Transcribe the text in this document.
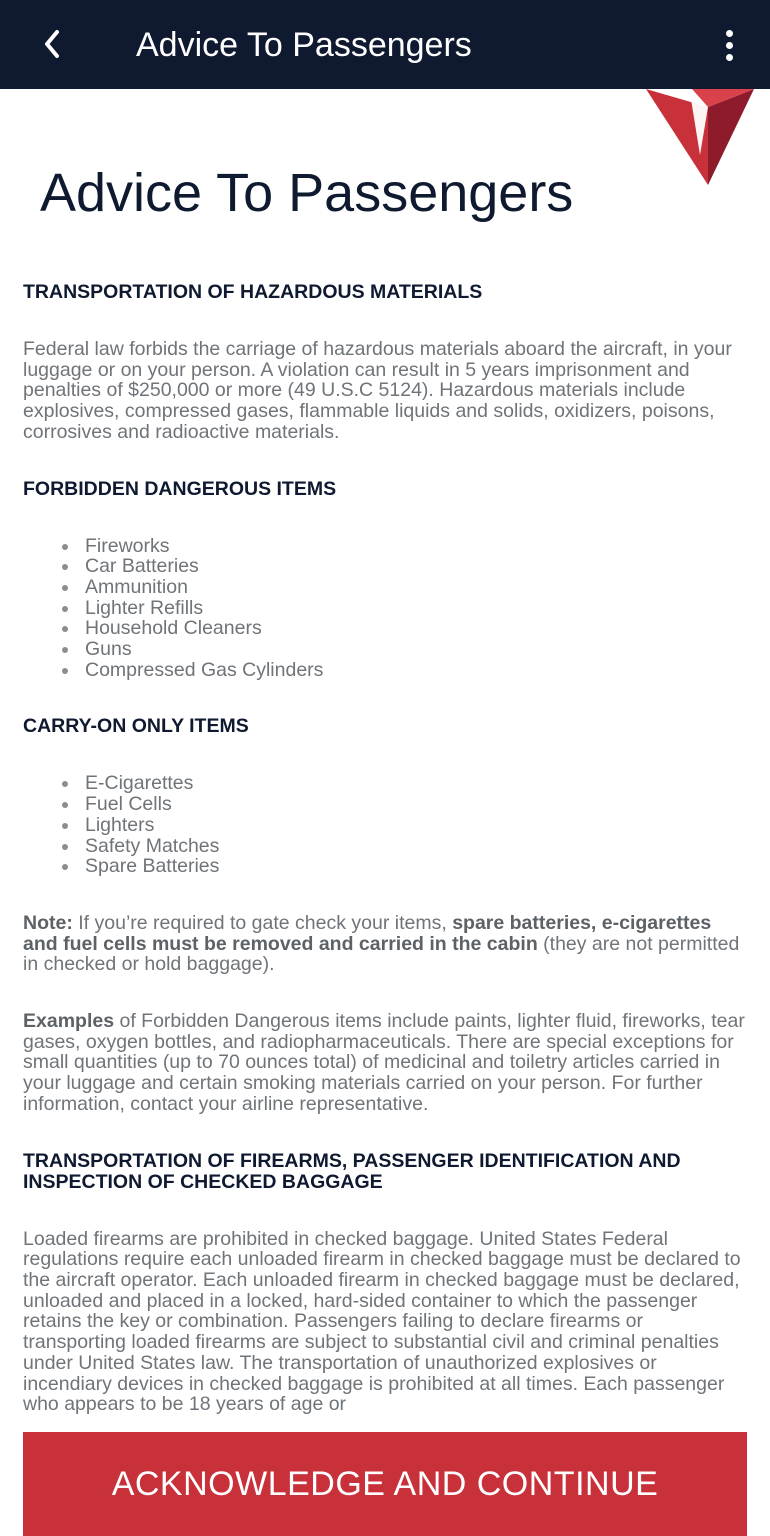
Advice To Passengers
Advice To Passengers
TRANSPORTATION OF HAZARDOUS MATERIALS

Federal law forbids the carriage of hazardous materials aboard the aircraft, in your luggage or on your person. A violation can result in 5 years imprisonment and penalties of $250,000 or more (49 U.S.C 5124). Hazardous materials include explosives, compressed gases, flammable liquids and solids, oxidizers, poisons, corrosives and radioactive materials.

FORBIDDEN DANGEROUS ITEMS
Fireworks
Car Batteries
Ammunition
Lighter Refills
Household Cleaners
Guns
Compressed Gas Cylinders
CARRY-ON ONLY ITEMS
E-Cigarettes
Fuel Cells
Lighters
Safety Matches
Spare Batteries

Note: If you’re required to gate check your items, spare batteries, e-cigarettes and fuel cells must be removed and carried in the cabin (they are not permitted in checked or hold baggage).

Examples of Forbidden Dangerous items include paints, lighter fluid, fireworks, tear gases, oxygen bottles, and radiopharmaceuticals. There are special exceptions for small quantities (up to 70 ounces total) of medicinal and toiletry articles carried in your luggage and certain smoking materials carried on your person. For further information, contact your airline representative.

TRANSPORTATION OF FIREARMS, PASSENGER IDENTIFICATION AND INSPECTION OF CHECKED BAGGAGE

Loaded firearms are prohibited in checked baggage. United States Federal regulations require each unloaded firearm in checked baggage must be declared to the aircraft operator. Each unloaded firearm in checked baggage must be declared, unloaded and placed in a locked, hard-sided container to which the passenger retains the key or combination. Passengers failing to declare firearms or transporting loaded firearms are subject to substantial civil and criminal penalties under United States law. The transportation of unauthorized explosives or incendiary devices in checked baggage is prohibited at all times. Each passenger who appears to be 18 years of age or

ACKNOWLEDGE AND CONTINUE
